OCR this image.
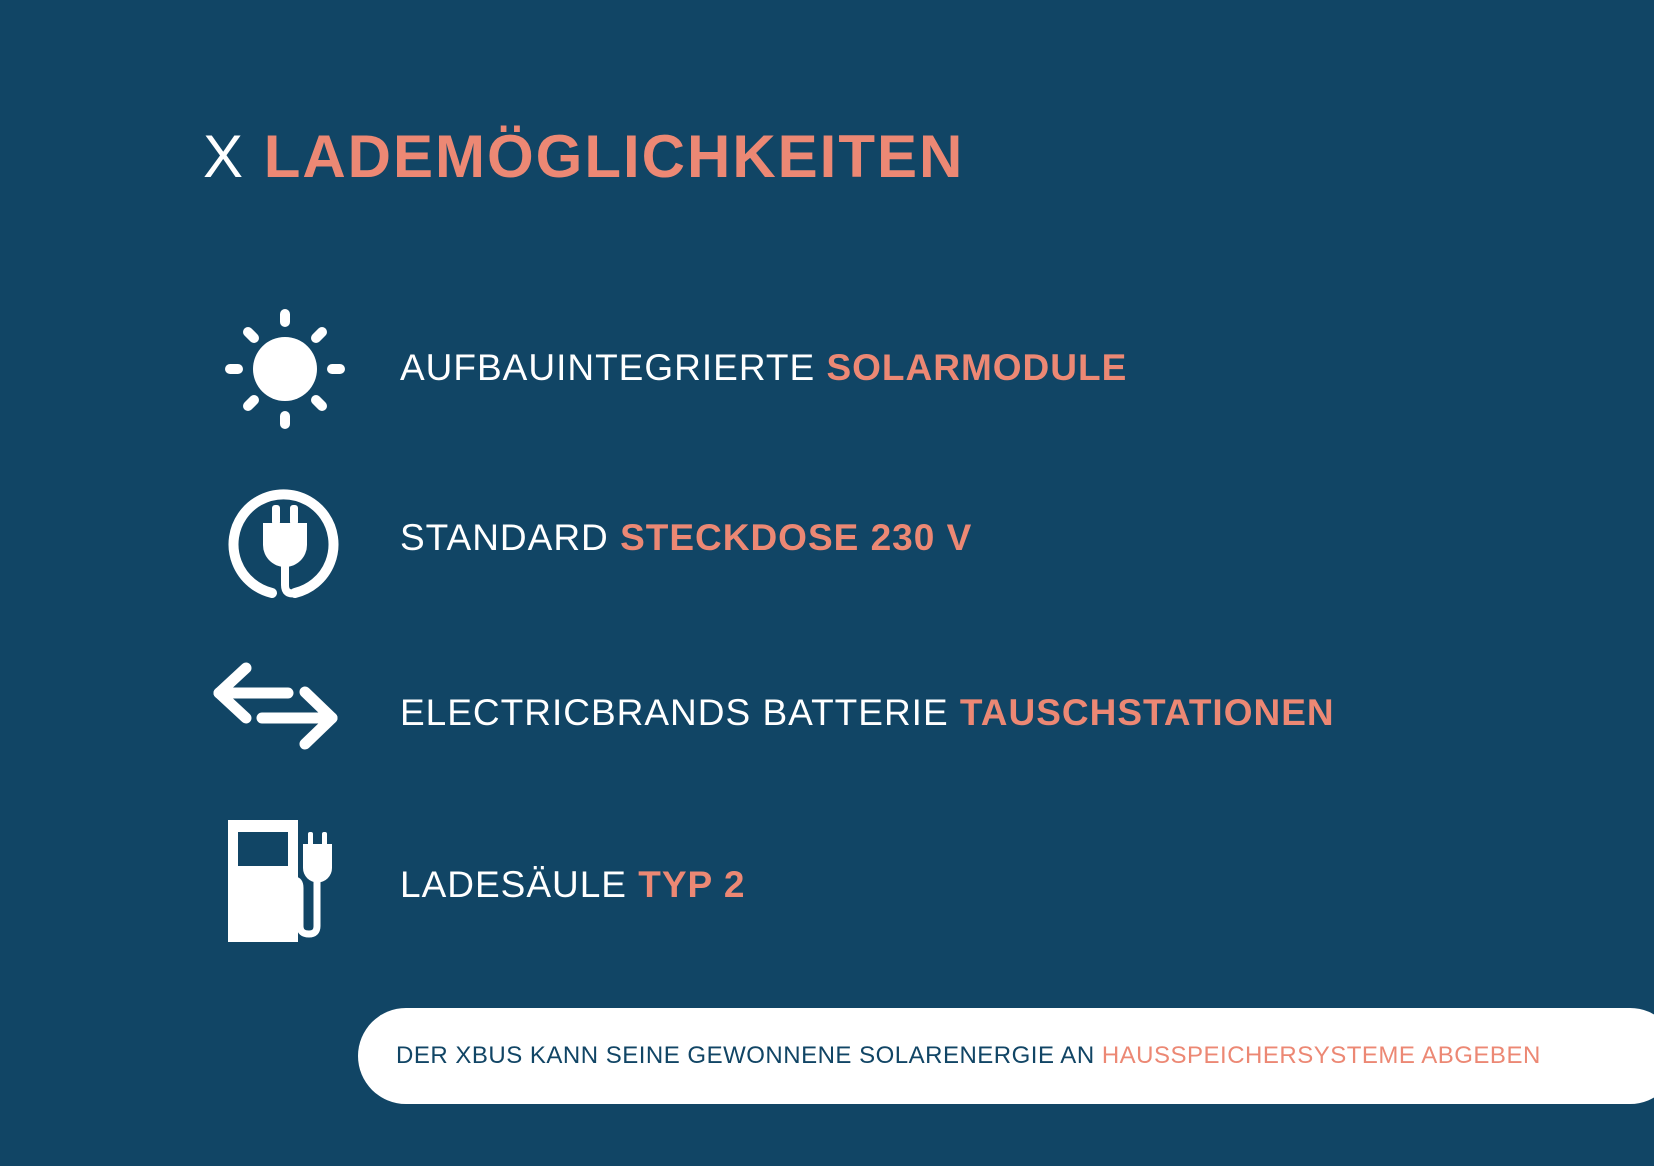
X LADEMÖGLICHKEITEN
AUFBAUINTEGRIERTE SOLARMODULE
STANDARD STECKDOSE 230 V
ELECTRICBRANDS BATTERIE TAUSCHSTATIONEN
LADESÄULE TYP 2
DER XBUS KANN SEINE GEWONNENE SOLARENERGIE AN HAUSSPEICHERSYSTEME ABGEBEN
